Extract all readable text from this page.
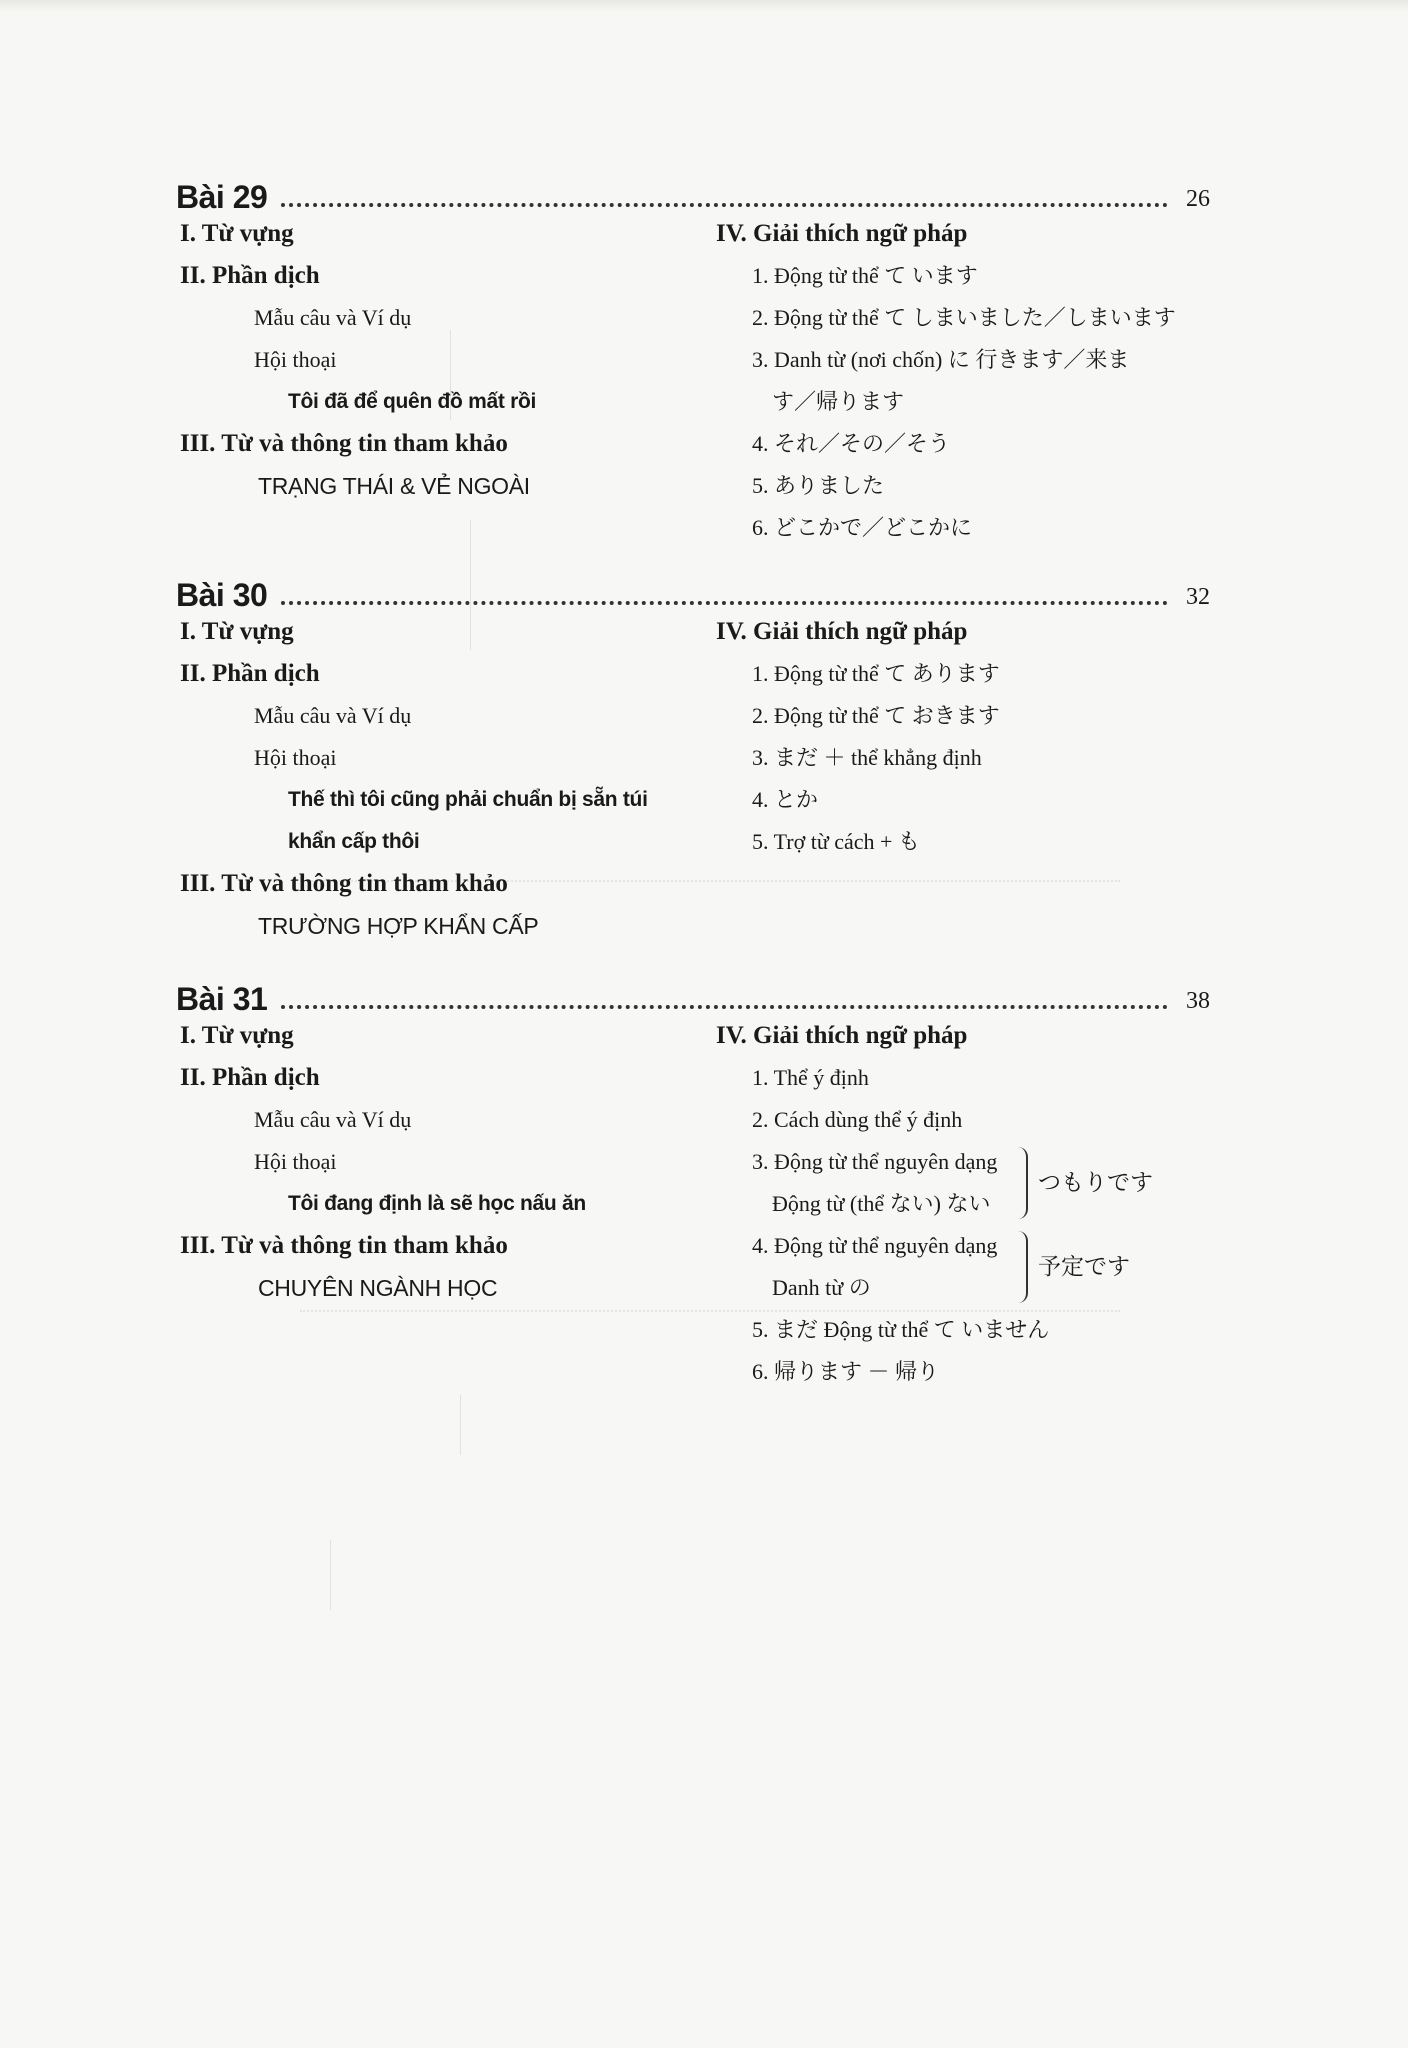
Bài 29	26
I. Từ vựng
II. Phần dịch
Mẫu câu và Ví dụ
Hội thoại
Tôi đã để quên đồ mất rồi
III. Từ và thông tin tham khảo
TRẠNG THÁI & VẺ NGOÀI
IV. Giải thích ngữ pháp
1. Động từ thể て います
2. Động từ thể て しまいました／しまいます
3. Danh từ (nơi chốn) に 行きます／来ま
す／帰ります
4. それ／その／そう
5. ありました
6. どこかで／どこかに
Bài 30	32
I. Từ vựng
II. Phần dịch
Mẫu câu và Ví dụ
Hội thoại
Thế thì tôi cũng phải chuẩn bị sẵn túi
khẩn cấp thôi
III. Từ và thông tin tham khảo
TRƯỜNG HỢP KHẨN CẤP
IV. Giải thích ngữ pháp
1. Động từ thể て あります
2. Động từ thể て おきます
3. まだ ＋ thể khẳng định
4. とか
5. Trợ từ cách + も
Bài 31	38
I. Từ vựng
II. Phần dịch
Mẫu câu và Ví dụ
Hội thoại
Tôi đang định là sẽ học nấu ăn
III. Từ và thông tin tham khảo
CHUYÊN NGÀNH HỌC
IV. Giải thích ngữ pháp
1. Thể ý định
2. Cách dùng thể ý định
3. Động từ thể nguyên dạng
Động từ (thể ない) ない
つもりです
4. Động từ thể nguyên dạng
Danh từ の
予定です
5. まだ Động từ thể て いません
6. 帰ります － 帰り
